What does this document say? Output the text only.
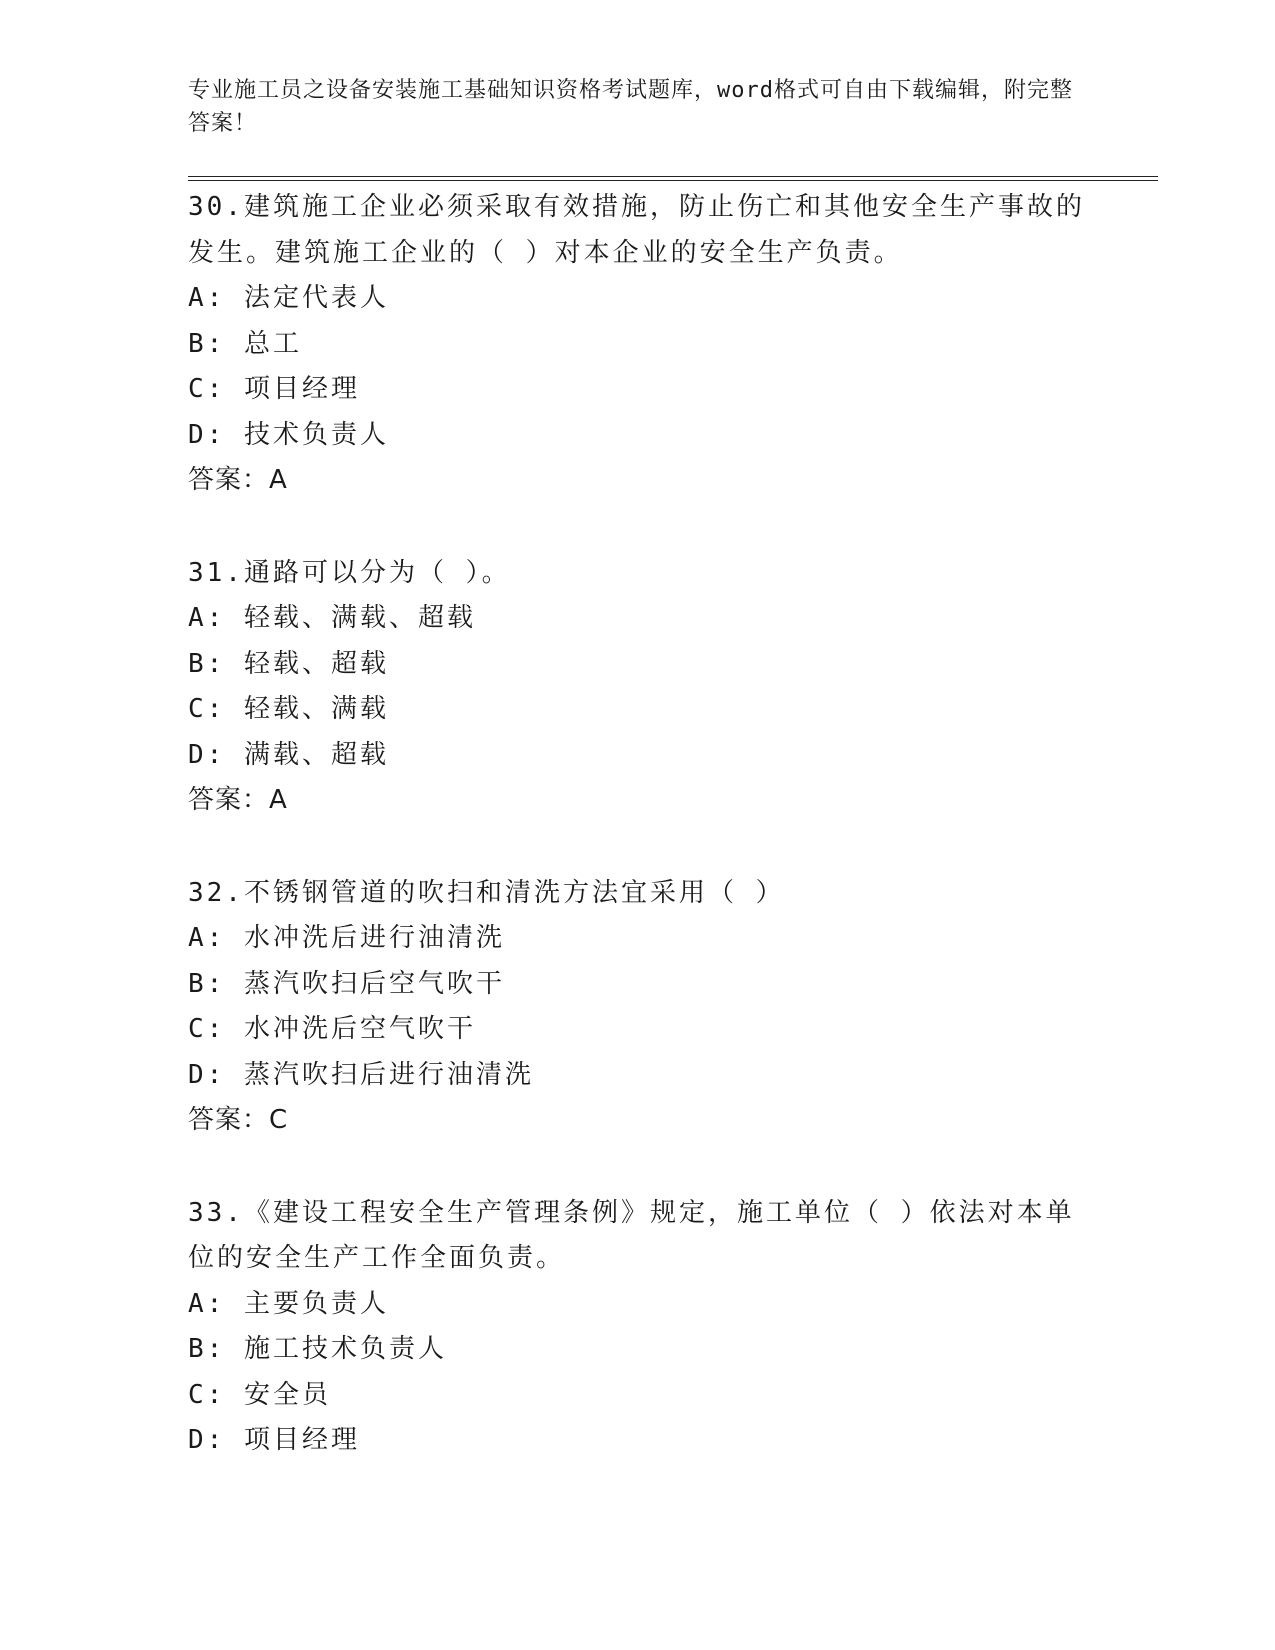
专业施工员之设备安装施工基础知识资格考试题库，word格式可自由下载编辑，附完整答案！

30.建筑施工企业必须采取有效措施，防止伤亡和其他安全生产事故的发生。建筑施工企业的（ ）对本企业的安全生产负责。

A: 法定代表人

B: 总工

C: 项目经理

D: 技术负责人

答案：A

31.通路可以分为（ ）。

A: 轻载、满载、超载

B: 轻载、超载

C: 轻载、满载

D: 满载、超载

答案：A

32.不锈钢管道的吹扫和清洗方法宜采用（ ）

A: 水冲洗后进行油清洗

B: 蒸汽吹扫后空气吹干

C: 水冲洗后空气吹干

D: 蒸汽吹扫后进行油清洗

答案：C

33.《建设工程安全生产管理条例》规定，施工单位（ ）依法对本单位的安全生产工作全面负责。

A: 主要负责人

B: 施工技术负责人

C: 安全员

D: 项目经理
